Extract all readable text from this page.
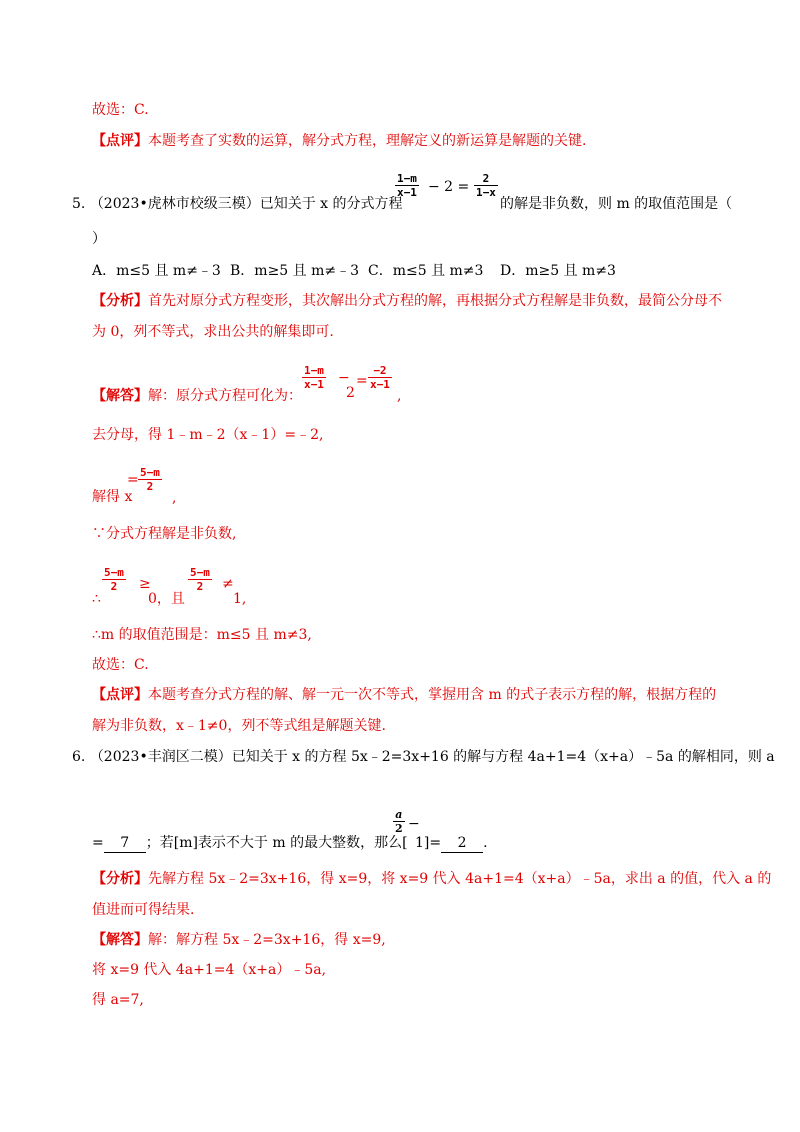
故选：C.
【点评】本题考查了实数的运算，解分式方程，理解定义的新运算是解题的关键.
5. （2023•虎林市校级三模）已知关于 x 的分式方程
$\frac{1-m}{x-1} - 2 = \frac{2}{1-x}$
的解是非负数，则 m 的取值范围是（
）
A．m≤5 且 m≠﹣3 B．m≥5 且 m≠﹣3 C．m≤5 且 m≠3 D．m≥5 且 m≠3
【分析】首先对原分式方程变形，其次解出分式方程的解，再根据分式方程解是非负数，最简公分母不
为 0，列不等式，求出公共的解集即可.
【解答】解：原分式方程可化为：
$\frac{1-m}{x-1}$ −
2
= $\frac{-2}{x-1}$
,
去分母，得 1﹣m﹣2（x﹣1）=﹣2,
解得 x
= $\frac{5-m}{2}$
,
∵分式方程解是非负数,
∴
$\frac{5-m}{2}$ ≥
0，且
$\frac{5-m}{2}$ ≠
1,
∴m 的取值范围是：m≤5 且 m≠3,
故选：C.
【点评】本题考查分式方程的解、解一元一次不等式，掌握用含 m 的式子表示方程的解，根据方程的
解为非负数，x﹣1≠0，列不等式组是解题关键.
6. （2023•丰润区二模）已知关于 x 的方程 5x﹣2=3x+16 的解与方程 4a+1=4（x+a）﹣5a 的解相同，则 a
= 7 ；若[m]表示不大于 m 的最大整数，那么[
$\frac{a}{2}$ −
1]= 2 .
【分析】先解方程 5x﹣2=3x+16，得 x=9，将 x=9 代入 4a+1=4（x+a）﹣5a，求出 a 的值，代入 a 的
值进而可得结果.
【解答】解：解方程 5x﹣2=3x+16，得 x=9,
将 x=9 代入 4a+1=4（x+a）﹣5a,
得 a=7,
